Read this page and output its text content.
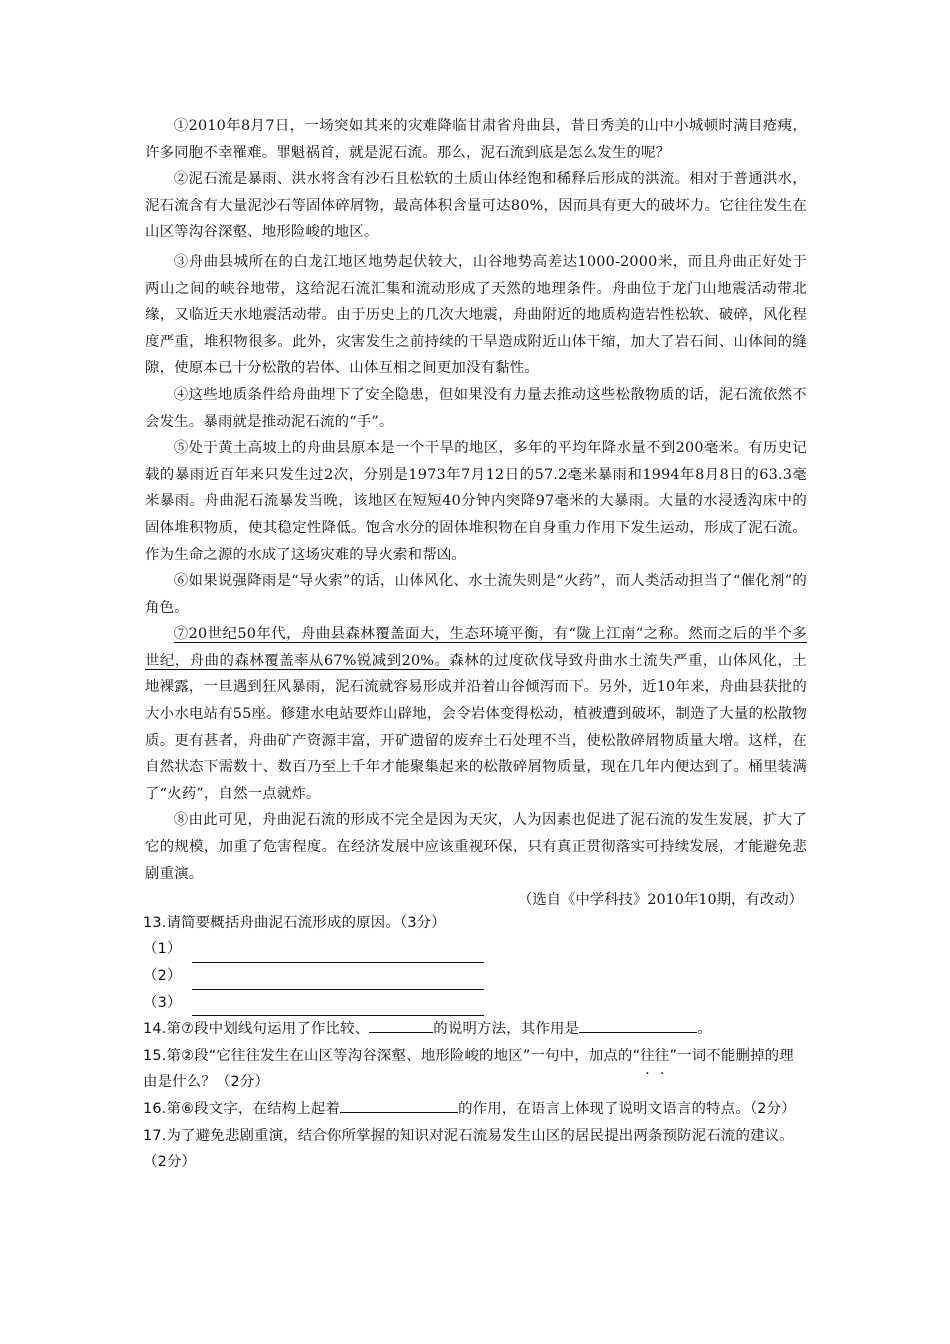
①2010年8月7日，一场突如其来的灾难降临甘肃省舟曲县，昔日秀美的山中小城顿时满目疮痍，许多同胞不幸罹难。罪魁祸首，就是泥石流。那么，泥石流到底是怎么发生的呢？

②泥石流是暴雨、洪水将含有沙石且松软的土质山体经饱和稀释后形成的洪流。相对于普通洪水，泥石流含有大量泥沙石等固体碎屑物，最高体积含量可达80%，因而具有更大的破坏力。它往往发生在山区等沟谷深壑、地形险峻的地区。

③舟曲县城所在的白龙江地区地势起伏较大，山谷地势高差达1000-2000米，而且舟曲正好处于两山之间的峡谷地带，这给泥石流汇集和流动形成了天然的地理条件。舟曲位于龙门山地震活动带北缘，又临近天水地震活动带。由于历史上的几次大地震，舟曲附近的地质构造岩性松软、破碎，风化程度严重，堆积物很多。此外，灾害发生之前持续的干旱造成附近山体干缩，加大了岩石间、山体间的缝隙，使原本已十分松散的岩体、山体互相之间更加没有黏性。

④这些地质条件给舟曲埋下了安全隐患，但如果没有力量去推动这些松散物质的话，泥石流依然不会发生。暴雨就是推动泥石流的“手”。

⑤处于黄土高坡上的舟曲县原本是一个干旱的地区，多年的平均年降水量不到200毫米。有历史记载的暴雨近百年来只发生过2次，分别是1973年7月12日的57.2毫米暴雨和1994年8月8日的63.3毫米暴雨。舟曲泥石流暴发当晚，该地区在短短40分钟内突降97毫米的大暴雨。大量的水浸透沟床中的固体堆积物质，使其稳定性降低。饱含水分的固体堆积物在自身重力作用下发生运动，形成了泥石流。作为生命之源的水成了这场灾难的导火索和帮凶。

⑥如果说强降雨是“导火索”的话，山体风化、水土流失则是“火药”，而人类活动担当了“催化剂”的角色。

⑦20世纪50年代，舟曲县森林覆盖面大，生态环境平衡，有“陇上江南”之称。然而之后的半个多世纪，舟曲的森林覆盖率从67%锐减到20%。森林的过度砍伐导致舟曲水土流失严重，山体风化，土地裸露，一旦遇到狂风暴雨，泥石流就容易形成并沿着山谷倾泻而下。另外，近10年来，舟曲县获批的大小水电站有55座。修建水电站要炸山辟地，会令岩体变得松动，植被遭到破坏，制造了大量的松散物质。更有甚者，舟曲矿产资源丰富，开矿遗留的废弃土石处理不当，使松散碎屑物质量大增。这样，在自然状态下需数十、数百乃至上千年才能聚集起来的松散碎屑物质量，现在几年内便达到了。桶里装满了“火药”，自然一点就炸。

⑧由此可见，舟曲泥石流的形成不完全是因为天灾，人为因素也促进了泥石流的发生发展，扩大了它的规模，加重了危害程度。在经济发展中应该重视环保，只有真正贯彻落实可持续发展，才能避免悲剧重演。

（选自《中学科技》2010年10期，有改动）

13.请简要概括舟曲泥石流形成的原因。（3分）

（1）
（2）
（3）

14.第⑦段中划线句运用了作比较、	的说明方法，其作用是	。

15.第②段“它往往发生在山区等沟谷深壑、地形险峻的地区”一句中，加点的“往往”一词不能删掉的理由是什么？（2分）

16.第⑥段文字，在结构上起着	的作用，在语言上体现了说明文语言的特点。（2分）

17.为了避免悲剧重演，结合你所掌握的知识对泥石流易发生山区的居民提出两条预防泥石流的建议。（2分）
